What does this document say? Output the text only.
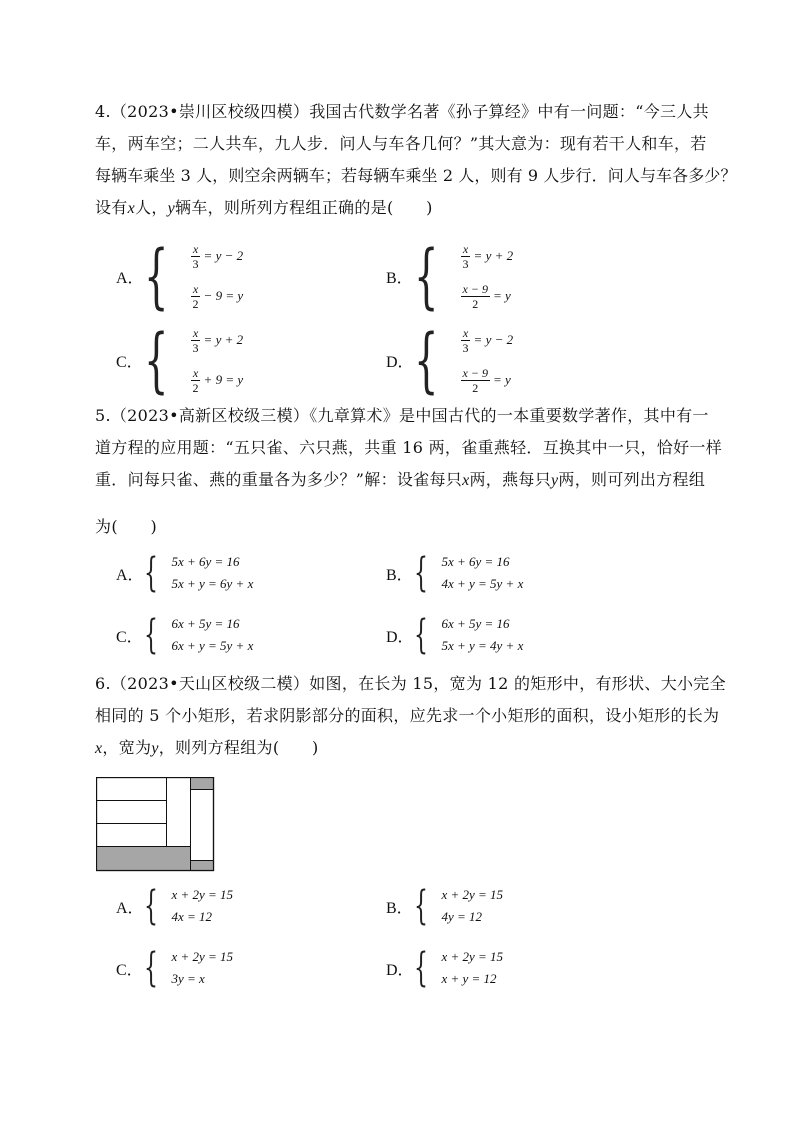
4.（2023•崇川区校级四模）我国古代数学名著《孙子算经》中有一问题：“今三人共
车，两车空；二人共车，九人步．问人与车各几何？”其大意为：现有若干人和车，若
每辆车乘坐 3 人，则空余两辆车；若每辆车乘坐 2 人，则有 9 人步行．问人与车各多少？
设有x人，y辆车，则所列方程组正确的是(　　)
A． { $\frac{x}{3} = y - 2$
$\frac{x}{2} - 9 = y$
B． { $\frac{x}{3} = y + 2$
$\frac{x - 9}{2} = y$
C． { $\frac{x}{3} = y + 2$
$\frac{x}{2} + 9 = y$
D． { $\frac{x}{3} = y - 2$
$\frac{x - 9}{2} = y$
5.（2023•高新区校级三模）《九章算术》是中国古代的一本重要数学著作，其中有一
道方程的应用题：“五只雀、六只燕，共重 16 两，雀重燕轻．互换其中一只，恰好一样
重．问每只雀、燕的重量各为多少？”解：设雀每只x两，燕每只y两，则可列出方程组
为(　　)
A． { 5x + 6y = 16
5x + y = 6y + x	B． { 5x + 6y = 16
4x + y = 5y + x
C． { 6x + 5y = 16
6x + y = 5y + x	D． { 6x + 5y = 16
5x + y = 4y + x
6.（2023•天山区校级二模）如图，在长为 15，宽为 12 的矩形中，有形状、大小完全
相同的 5 个小矩形，若求阴影部分的面积，应先求一个小矩形的面积，设小矩形的长为
x，宽为y，则列方程组为(　　)
A． { x + 2y = 15
4x = 12	B． { x + 2y = 15
4y = 12
C． { x + 2y = 15
3y = x	D． { x + 2y = 15
x + y = 12
